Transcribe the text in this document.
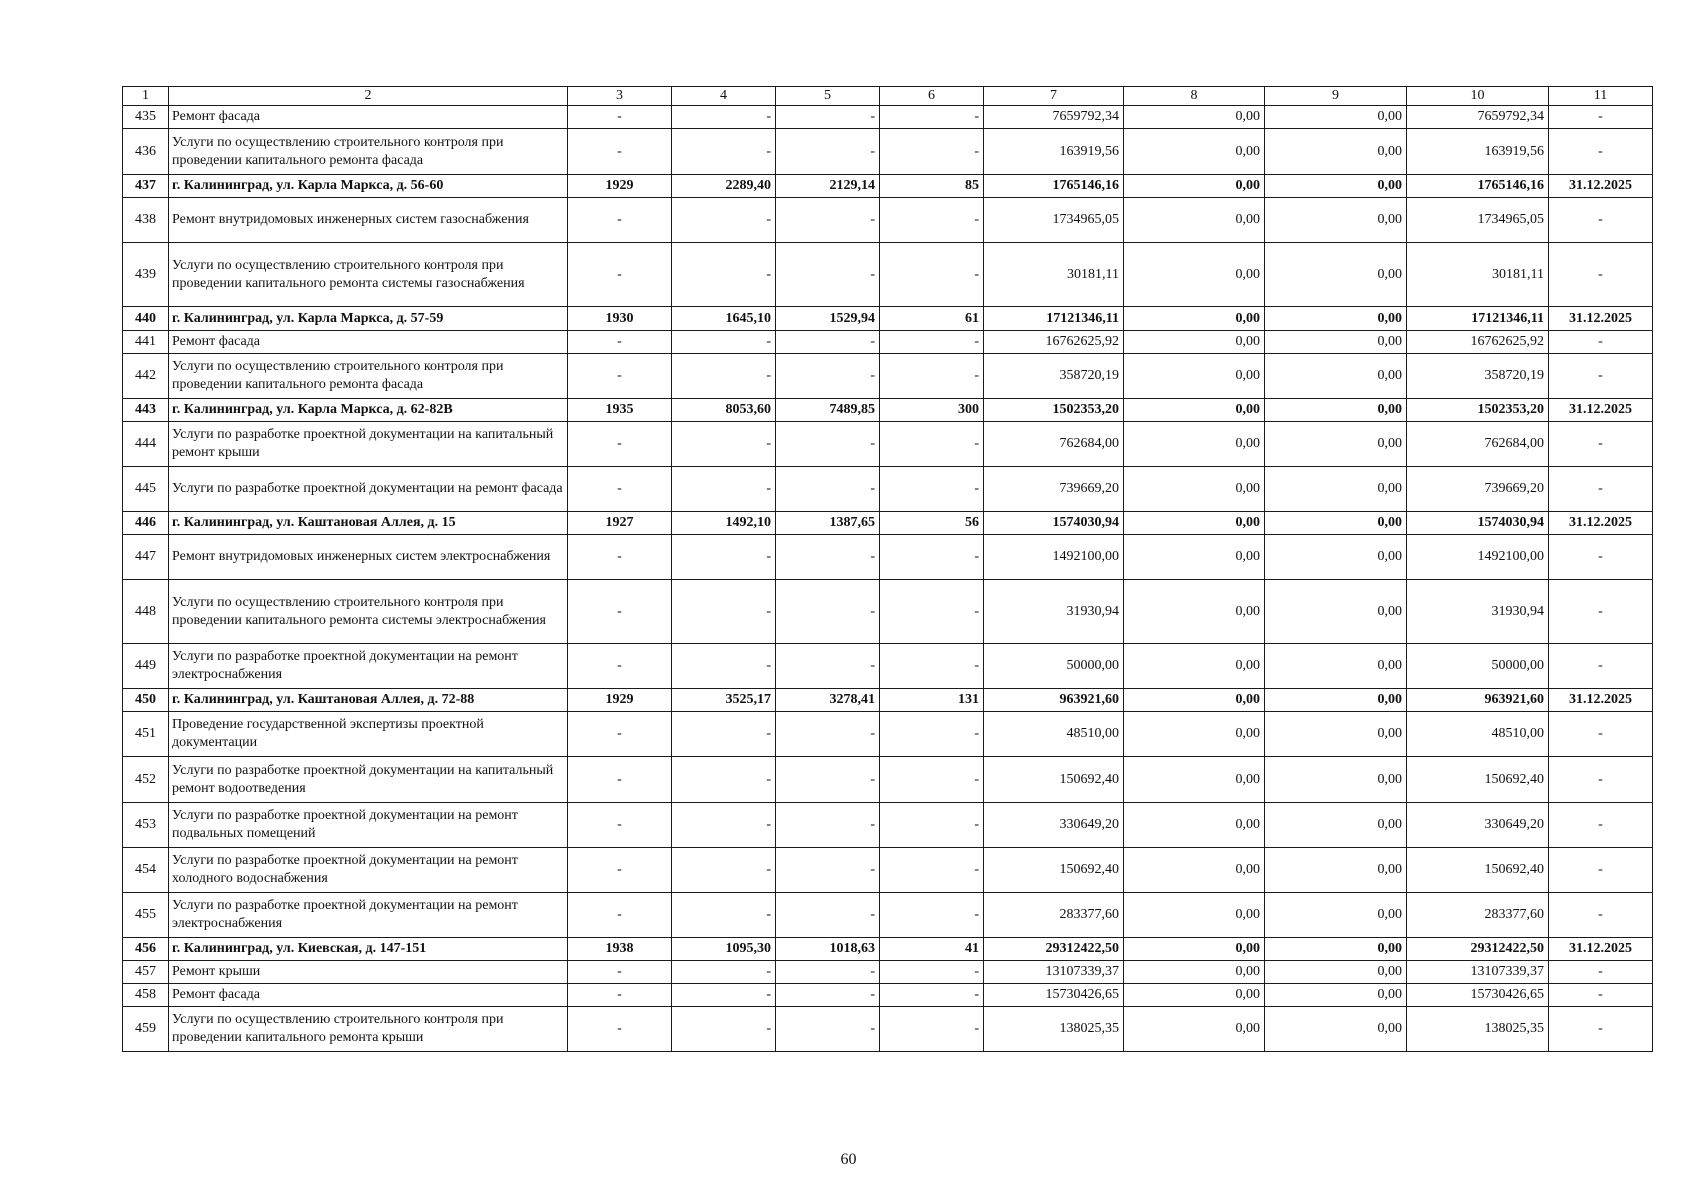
1	2	3	4	5	6	7	8	9	10	11
435	Ремонт фасада	-	-	-	-	7659792,34	0,00	0,00	7659792,34	-
436	Услуги по осуществлению строительного контроля при проведении капитального ремонта фасада	-	-	-	-	163919,56	0,00	0,00	163919,56	-
437	г. Калининград, ул. Карла Маркса, д. 56-60	1929	2289,40	2129,14	85	1765146,16	0,00	0,00	1765146,16	31.12.2025
438	Ремонт внутридомовых инженерных систем газоснабжения	-	-	-	-	1734965,05	0,00	0,00	1734965,05	-
439	Услуги по осуществлению строительного контроля при проведении капитального ремонта системы газоснабжения	-	-	-	-	30181,11	0,00	0,00	30181,11	-
440	г. Калининград, ул. Карла Маркса, д. 57-59	1930	1645,10	1529,94	61	17121346,11	0,00	0,00	17121346,11	31.12.2025
441	Ремонт фасада	-	-	-	-	16762625,92	0,00	0,00	16762625,92	-
442	Услуги по осуществлению строительного контроля при проведении капитального ремонта фасада	-	-	-	-	358720,19	0,00	0,00	358720,19	-
443	г. Калининград, ул. Карла Маркса, д. 62-82В	1935	8053,60	7489,85	300	1502353,20	0,00	0,00	1502353,20	31.12.2025
444	Услуги по разработке проектной документации на капитальный ремонт крыши	-	-	-	-	762684,00	0,00	0,00	762684,00	-
445	Услуги по разработке проектной документации на ремонт фасада	-	-	-	-	739669,20	0,00	0,00	739669,20	-
446	г. Калининград, ул. Каштановая Аллея, д. 15	1927	1492,10	1387,65	56	1574030,94	0,00	0,00	1574030,94	31.12.2025
447	Ремонт внутридомовых инженерных систем электроснабжения	-	-	-	-	1492100,00	0,00	0,00	1492100,00	-
448	Услуги по осуществлению строительного контроля при проведении капитального ремонта системы электроснабжения	-	-	-	-	31930,94	0,00	0,00	31930,94	-
449	Услуги по разработке проектной документации на ремонт электроснабжения	-	-	-	-	50000,00	0,00	0,00	50000,00	-
450	г. Калининград, ул. Каштановая Аллея, д. 72-88	1929	3525,17	3278,41	131	963921,60	0,00	0,00	963921,60	31.12.2025
451	Проведение государственной экспертизы проектной документации	-	-	-	-	48510,00	0,00	0,00	48510,00	-
452	Услуги по разработке проектной документации на капитальный ремонт водоотведения	-	-	-	-	150692,40	0,00	0,00	150692,40	-
453	Услуги по разработке проектной документации на ремонт подвальных помещений	-	-	-	-	330649,20	0,00	0,00	330649,20	-
454	Услуги по разработке проектной документации на ремонт холодного водоснабжения	-	-	-	-	150692,40	0,00	0,00	150692,40	-
455	Услуги по разработке проектной документации на ремонт электроснабжения	-	-	-	-	283377,60	0,00	0,00	283377,60	-
456	г. Калининград, ул. Киевская, д. 147-151	1938	1095,30	1018,63	41	29312422,50	0,00	0,00	29312422,50	31.12.2025
457	Ремонт крыши	-	-	-	-	13107339,37	0,00	0,00	13107339,37	-
458	Ремонт фасада	-	-	-	-	15730426,65	0,00	0,00	15730426,65	-
459	Услуги по осуществлению строительного контроля при проведении капитального ремонта крыши	-	-	-	-	138025,35	0,00	0,00	138025,35	-
60
